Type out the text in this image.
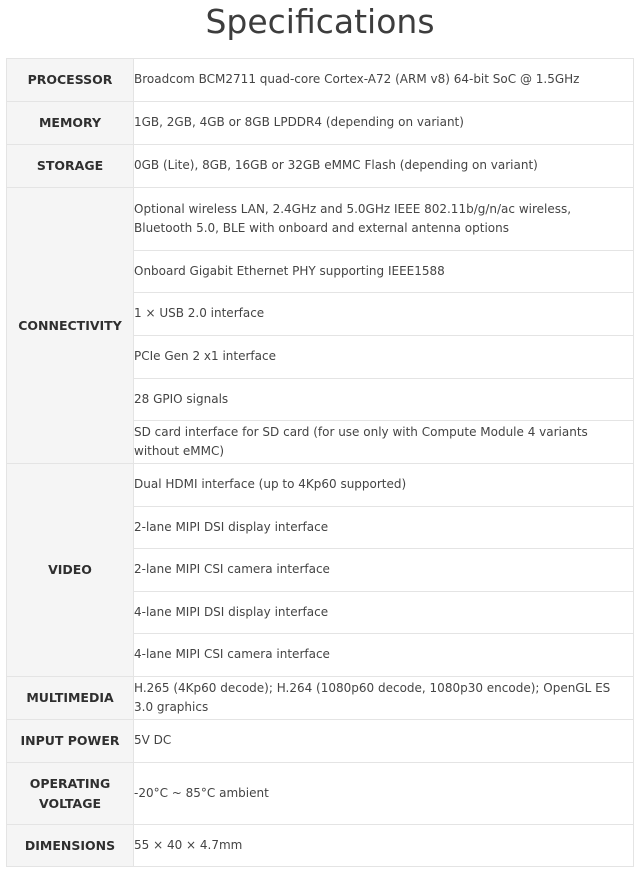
Specifications
PROCESSOR	Broadcom BCM2711 quad-core Cortex-A72 (ARM v8) 64-bit SoC @ 1.5GHz
MEMORY	1GB, 2GB, 4GB or 8GB LPDDR4 (depending on variant)
STORAGE	0GB (Lite), 8GB, 16GB or 32GB eMMC Flash (depending on variant)
CONNECTIVITY	Optional wireless LAN, 2.4GHz and 5.0GHz IEEE 802.11b/g/n/ac wireless, Bluetooth 5.0, BLE with onboard and external antenna options
	Onboard Gigabit Ethernet PHY supporting IEEE1588
	1 × USB 2.0 interface
	PCIe Gen 2 x1 interface
	28 GPIO signals
	SD card interface for SD card (for use only with Compute Module 4 variants without eMMC)
VIDEO	Dual HDMI interface (up to 4Kp60 supported)
	2-lane MIPI DSI display interface
	2-lane MIPI CSI camera interface
	4-lane MIPI DSI display interface
	4-lane MIPI CSI camera interface
MULTIMEDIA	H.265 (4Kp60 decode); H.264 (1080p60 decode, 1080p30 encode); OpenGL ES 3.0 graphics
INPUT POWER	5V DC
OPERATING
VOLTAGE	-20°C ~ 85°C ambient
DIMENSIONS	55 × 40 × 4.7mm
